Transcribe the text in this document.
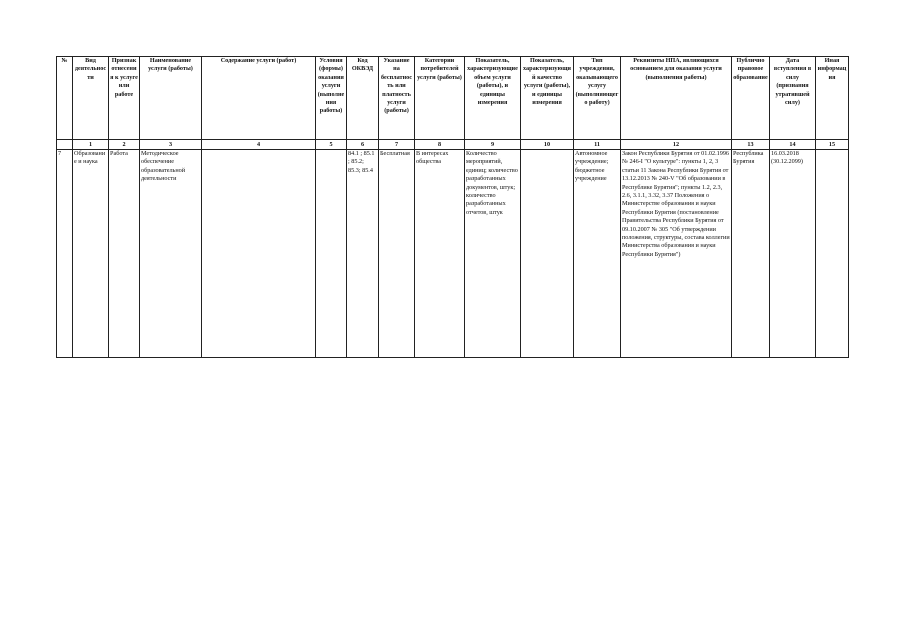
№	Вид деятельности	Признак отнесения к услуге или работе	Наименование услуги (работы)	Содержание услуги (работ)	Условия (формы) оказания услуги (выполнения работы)	Код ОКВЭД	Указание на бесплатность или платность услуги (работы)	Категории потребителей услуги (работы)	Показатель, характеризующие объем услуги (работы), и единицы измерения	Показатель, характеризующий качество услуги (работы), и единицы измерения	Тип учреждения, оказывающего услугу (выполняющего работу)	Реквизиты НПА, являющихся основанием для оказания услуги (выполнения работы)	Публично правовое образование	Дата вступления в силу (признания утратившей силу)	Иная информация
	1	2	3	4	5	6	7	8	9	10	11	12	13	14	15
7	Образование и наука	Работа	Методическое обеспечение образовательной деятельности			84.1 ; 85.1 ; 85.2; 85.3; 85.4	Бесплатная	В интересах общества	Количество мероприятий, единиц; количество разработанных документов, штук; количество разработанных отчетов, штук		Автономное учреждение; бюджетное учреждение	Закон Республики Бурятия от 01.02.1996 № 246-I "О культуре": пункты 1, 2, 3 статьи 11 Закона Республики Бурятия от 13.12.2013 № 240-V "Об образовании в Республике Бурятия"; пункты 1.2, 2.3, 2.6, 3.1.1, 3.32, 3.37 Положения о Министерстве образования и науки Республики Бурятия (постановление Правительства Республики Бурятия от 09.10.2007 № 305 "Об утверждении положения, структуры, состава коллегии Министерства образования и науки Республики Бурятия")	Республика Бурятия	16.03.2018 (30.12.2099)	
